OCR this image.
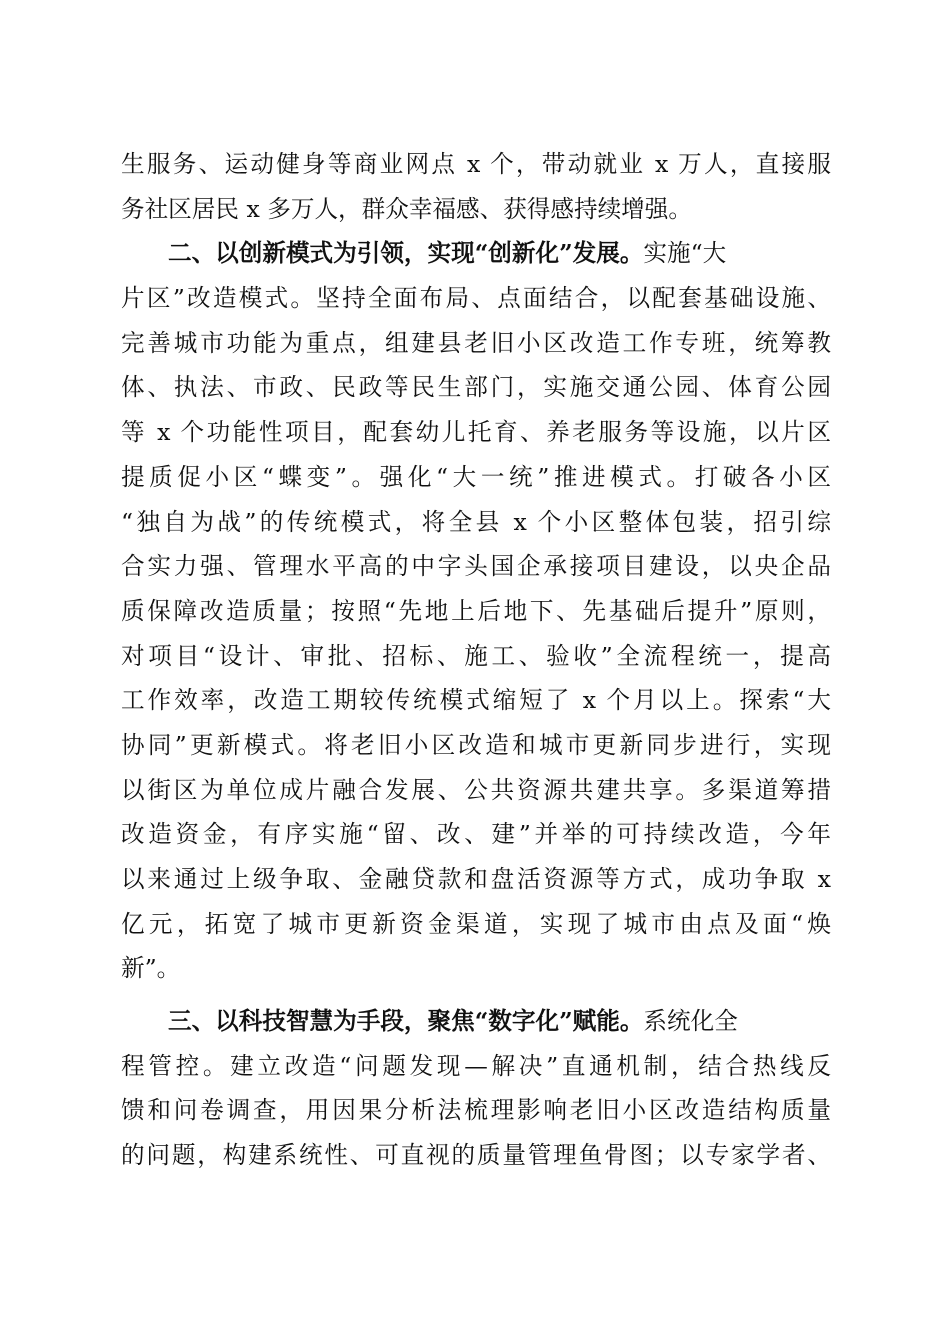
生服务、运动健身等商业网点 x 个，带动就业 x 万人，直接服
务社区居民 x 多万人，群众幸福感、获得感持续增强。
二、以创新模式为引领，实现“创新化”发展。实施“大
片区”改造模式。坚持全面布局、点面结合，以配套基础设施、
完善城市功能为重点，组建县老旧小区改造工作专班，统筹教
体、执法、市政、民政等民生部门，实施交通公园、体育公园
等 x 个功能性项目，配套幼儿托育、养老服务等设施，以片区
提质促小区“蝶变”。强化“大一统”推进模式。打破各小区
“独自为战”的传统模式，将全县 x 个小区整体包装，招引综
合实力强、管理水平高的中字头国企承接项目建设，以央企品
质保障改造质量；按照“先地上后地下、先基础后提升”原则，
对项目“设计、审批、招标、施工、验收”全流程统一，提高
工作效率，改造工期较传统模式缩短了 x 个月以上。探索“大
协同”更新模式。将老旧小区改造和城市更新同步进行，实现
以街区为单位成片融合发展、公共资源共建共享。多渠道筹措
改造资金，有序实施“留、改、建”并举的可持续改造，今年
以来通过上级争取、金融贷款和盘活资源等方式，成功争取 x
亿元，拓宽了城市更新资金渠道，实现了城市由点及面“焕
新”。
三、以科技智慧为手段，聚焦“数字化”赋能。系统化全
程管控。建立改造“问题发现—解决”直通机制，结合热线反
馈和问卷调查，用因果分析法梳理影响老旧小区改造结构质量
的问题，构建系统性、可直视的质量管理鱼骨图；以专家学者、
